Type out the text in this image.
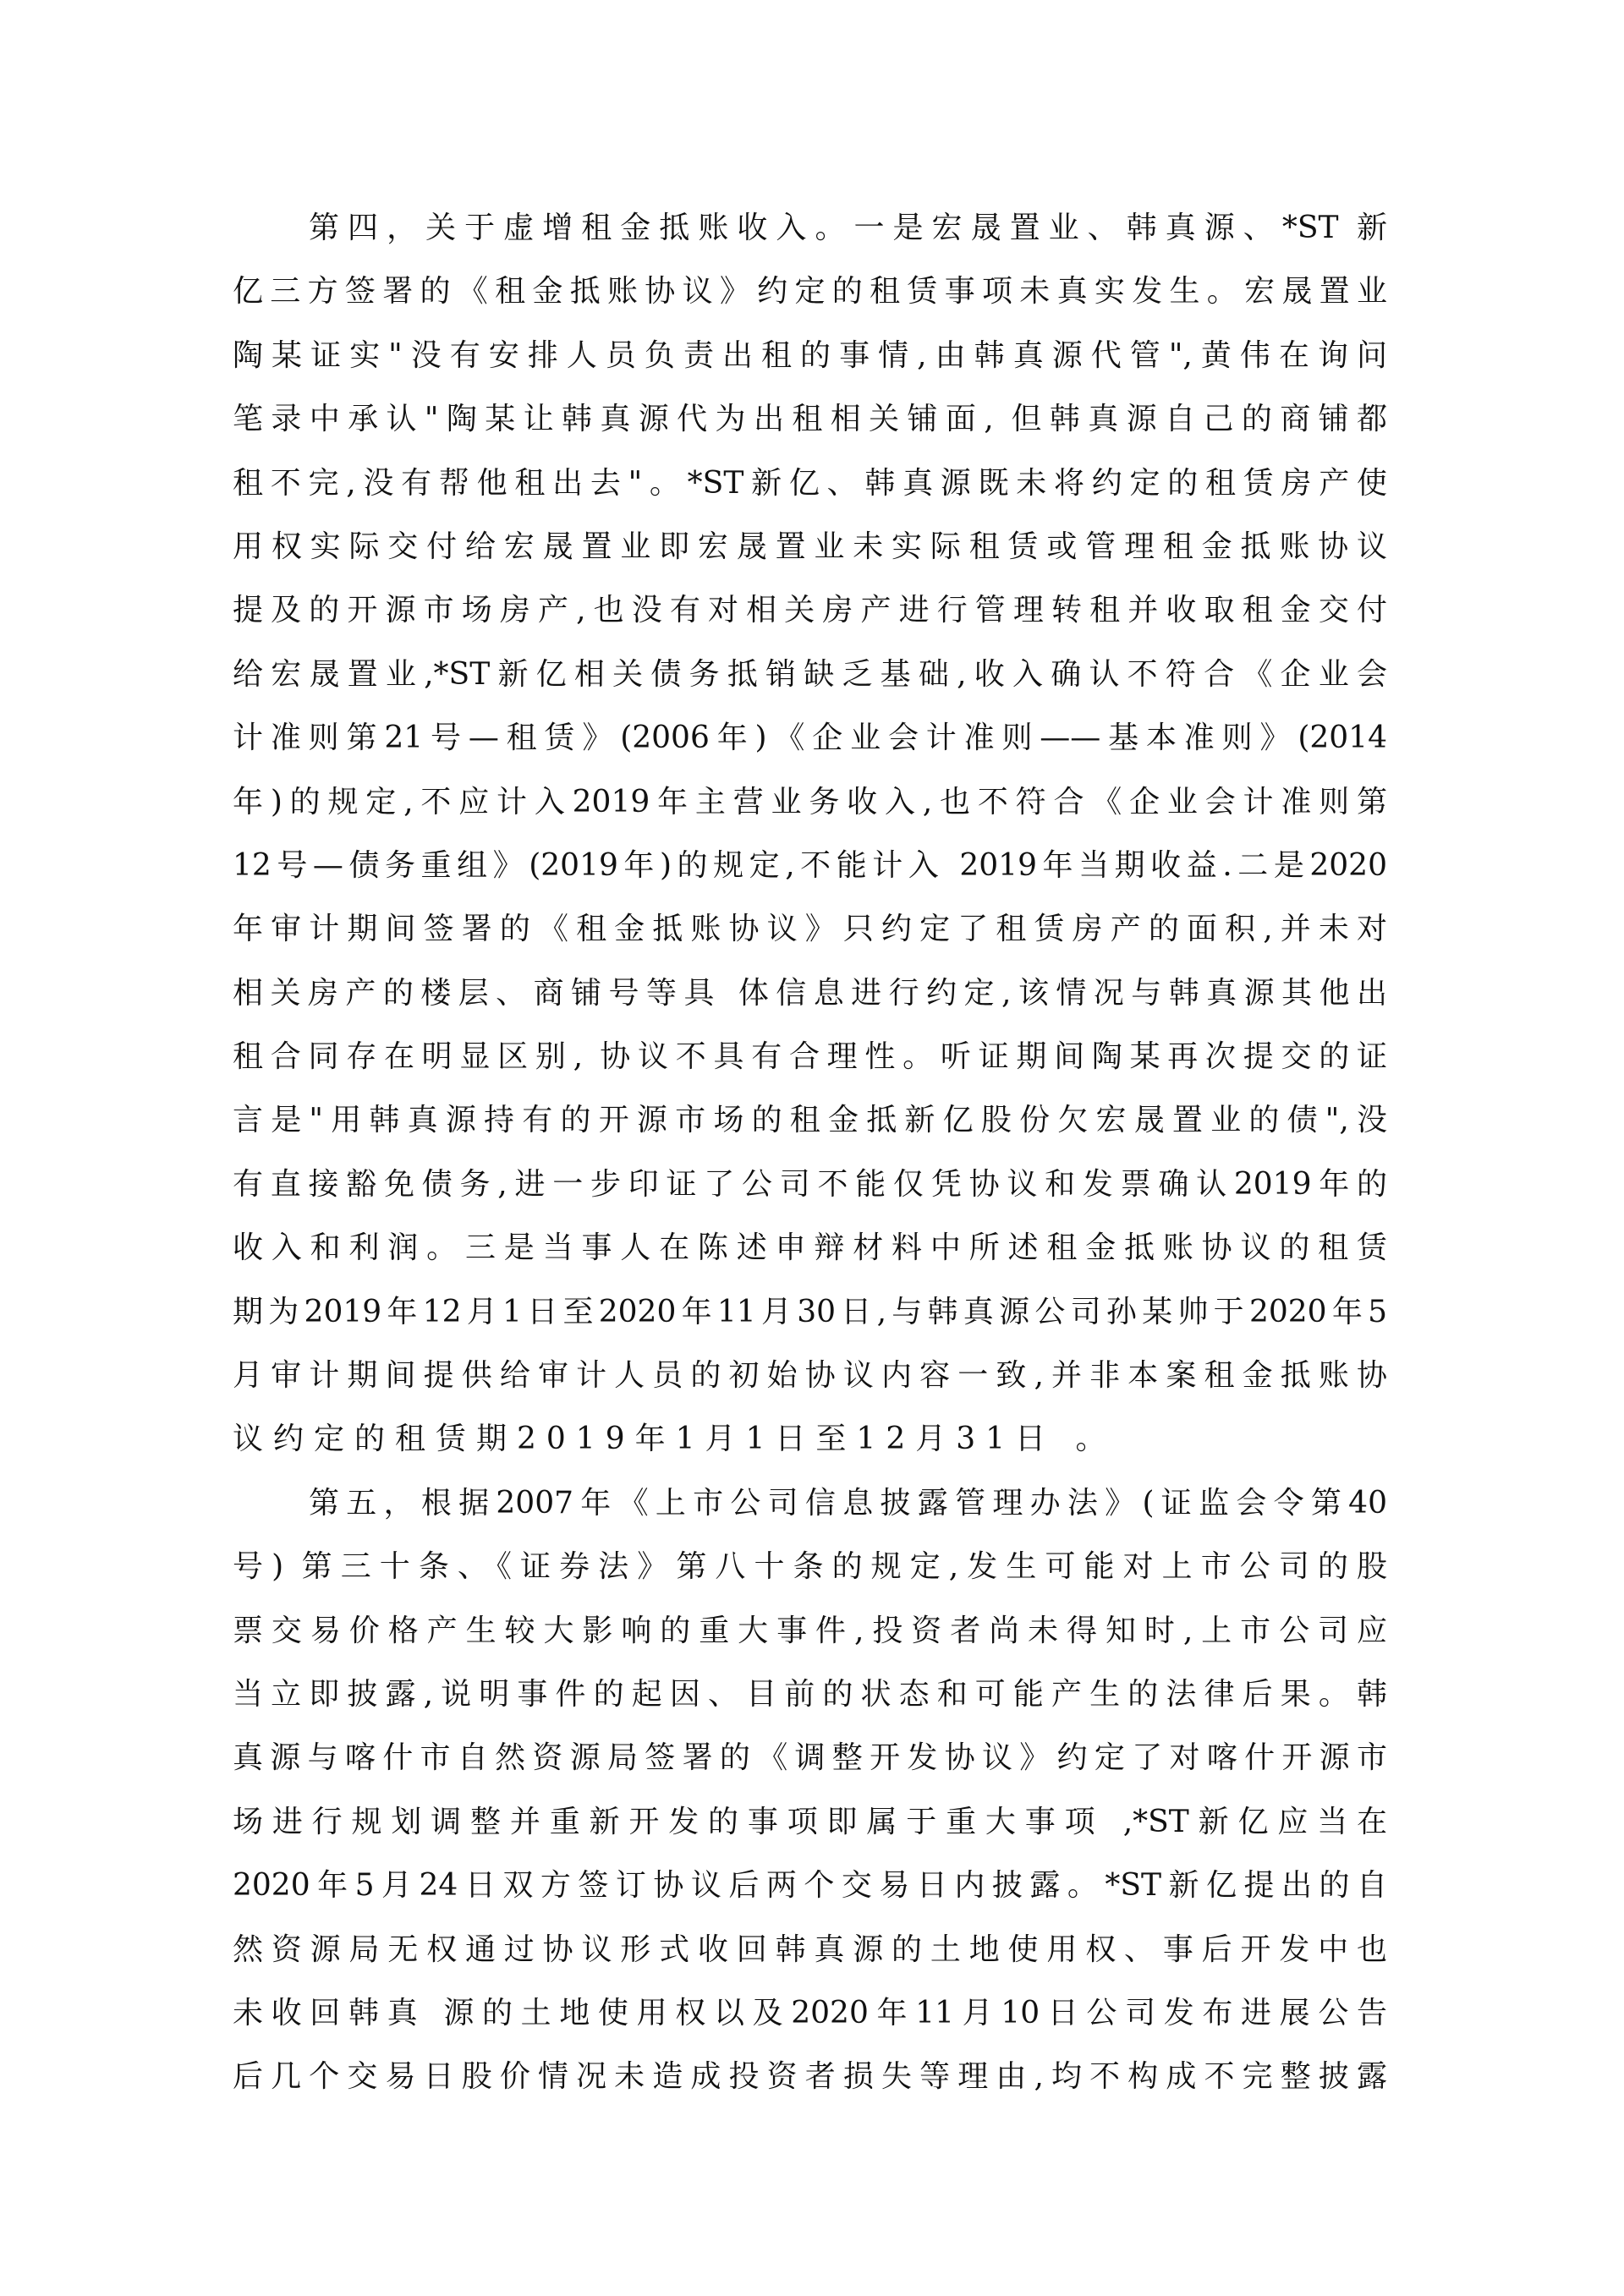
第四，关于虚增租金抵账收入。一是宏晟置业、韩真源、*ST 新
亿三方签署的《租金抵账协议》约定的租赁事项未真实发生。宏晟置业
陶某证实"没有安排人员负责出租的事情,由韩真源代管",黄伟在询问
笔录中承认"陶某让韩真源代为出租相关铺面, 但韩真源自己的商铺都
租不完,没有帮他租出去"。*ST新亿、韩真源既未将约定的租赁房产使
用权实际交付给宏晟置业即宏晟置业未实际租赁或管理租金抵账协议
提及的开源市场房产,也没有对相关房产进行管理转租并收取租金交付
给宏晟置业,*ST新亿相关债务抵销缺乏基础,收入确认不符合《企业会
计准则第21号—租赁》(2006年)《企业会计准则——基本准则》(2014
年)的规定,不应计入2019年主营业务收入,也不符合《企业会计准则第
12号—债务重组》(2019年)的规定,不能计入 2019年当期收益.二是2020
年审计期间签署的《租金抵账协议》只约定了租赁房产的面积,并未对
相关房产的楼层、商铺号等具 体信息进行约定,该情况与韩真源其他出
租合同存在明显区别, 协议不具有合理性。听证期间陶某再次提交的证
言是"用韩真源持有的开源市场的租金抵新亿股份欠宏晟置业的债",没
有直接豁免债务,进一步印证了公司不能仅凭协议和发票确认2019年的
收入和利润。三是当事人在陈述申辩材料中所述租金抵账协议的租赁
期为2019年12月1日至2020年11月30日,与韩真源公司孙某帅于2020年5
月审计期间提供给审计人员的初始协议内容一致,并非本案租金抵账协
议约定的租赁期2019年1月1日至12月31日 。
第五，根据2007年《上市公司信息披露管理办法》(证监会令第40
号) 第三十条、《证券法》第八十条的规定,发生可能对上市公司的股
票交易价格产生较大影响的重大事件,投资者尚未得知时,上市公司应
当立即披露,说明事件的起因、目前的状态和可能产生的法律后果。韩
真源与喀什市自然资源局签署的《调整开发协议》约定了对喀什开源市
场进行规划调整并重新开发的事项即属于重大事项 ,*ST新亿应当在
2020年5月24日双方签订协议后两个交易日内披露。*ST新亿提出的自
然资源局无权通过协议形式收回韩真源的土地使用权、事后开发中也
未收回韩真 源的土地使用权以及2020年11月10日公司发布进展公告
后几个交易日股价情况未造成投资者损失等理由,均不构成不完整披露
